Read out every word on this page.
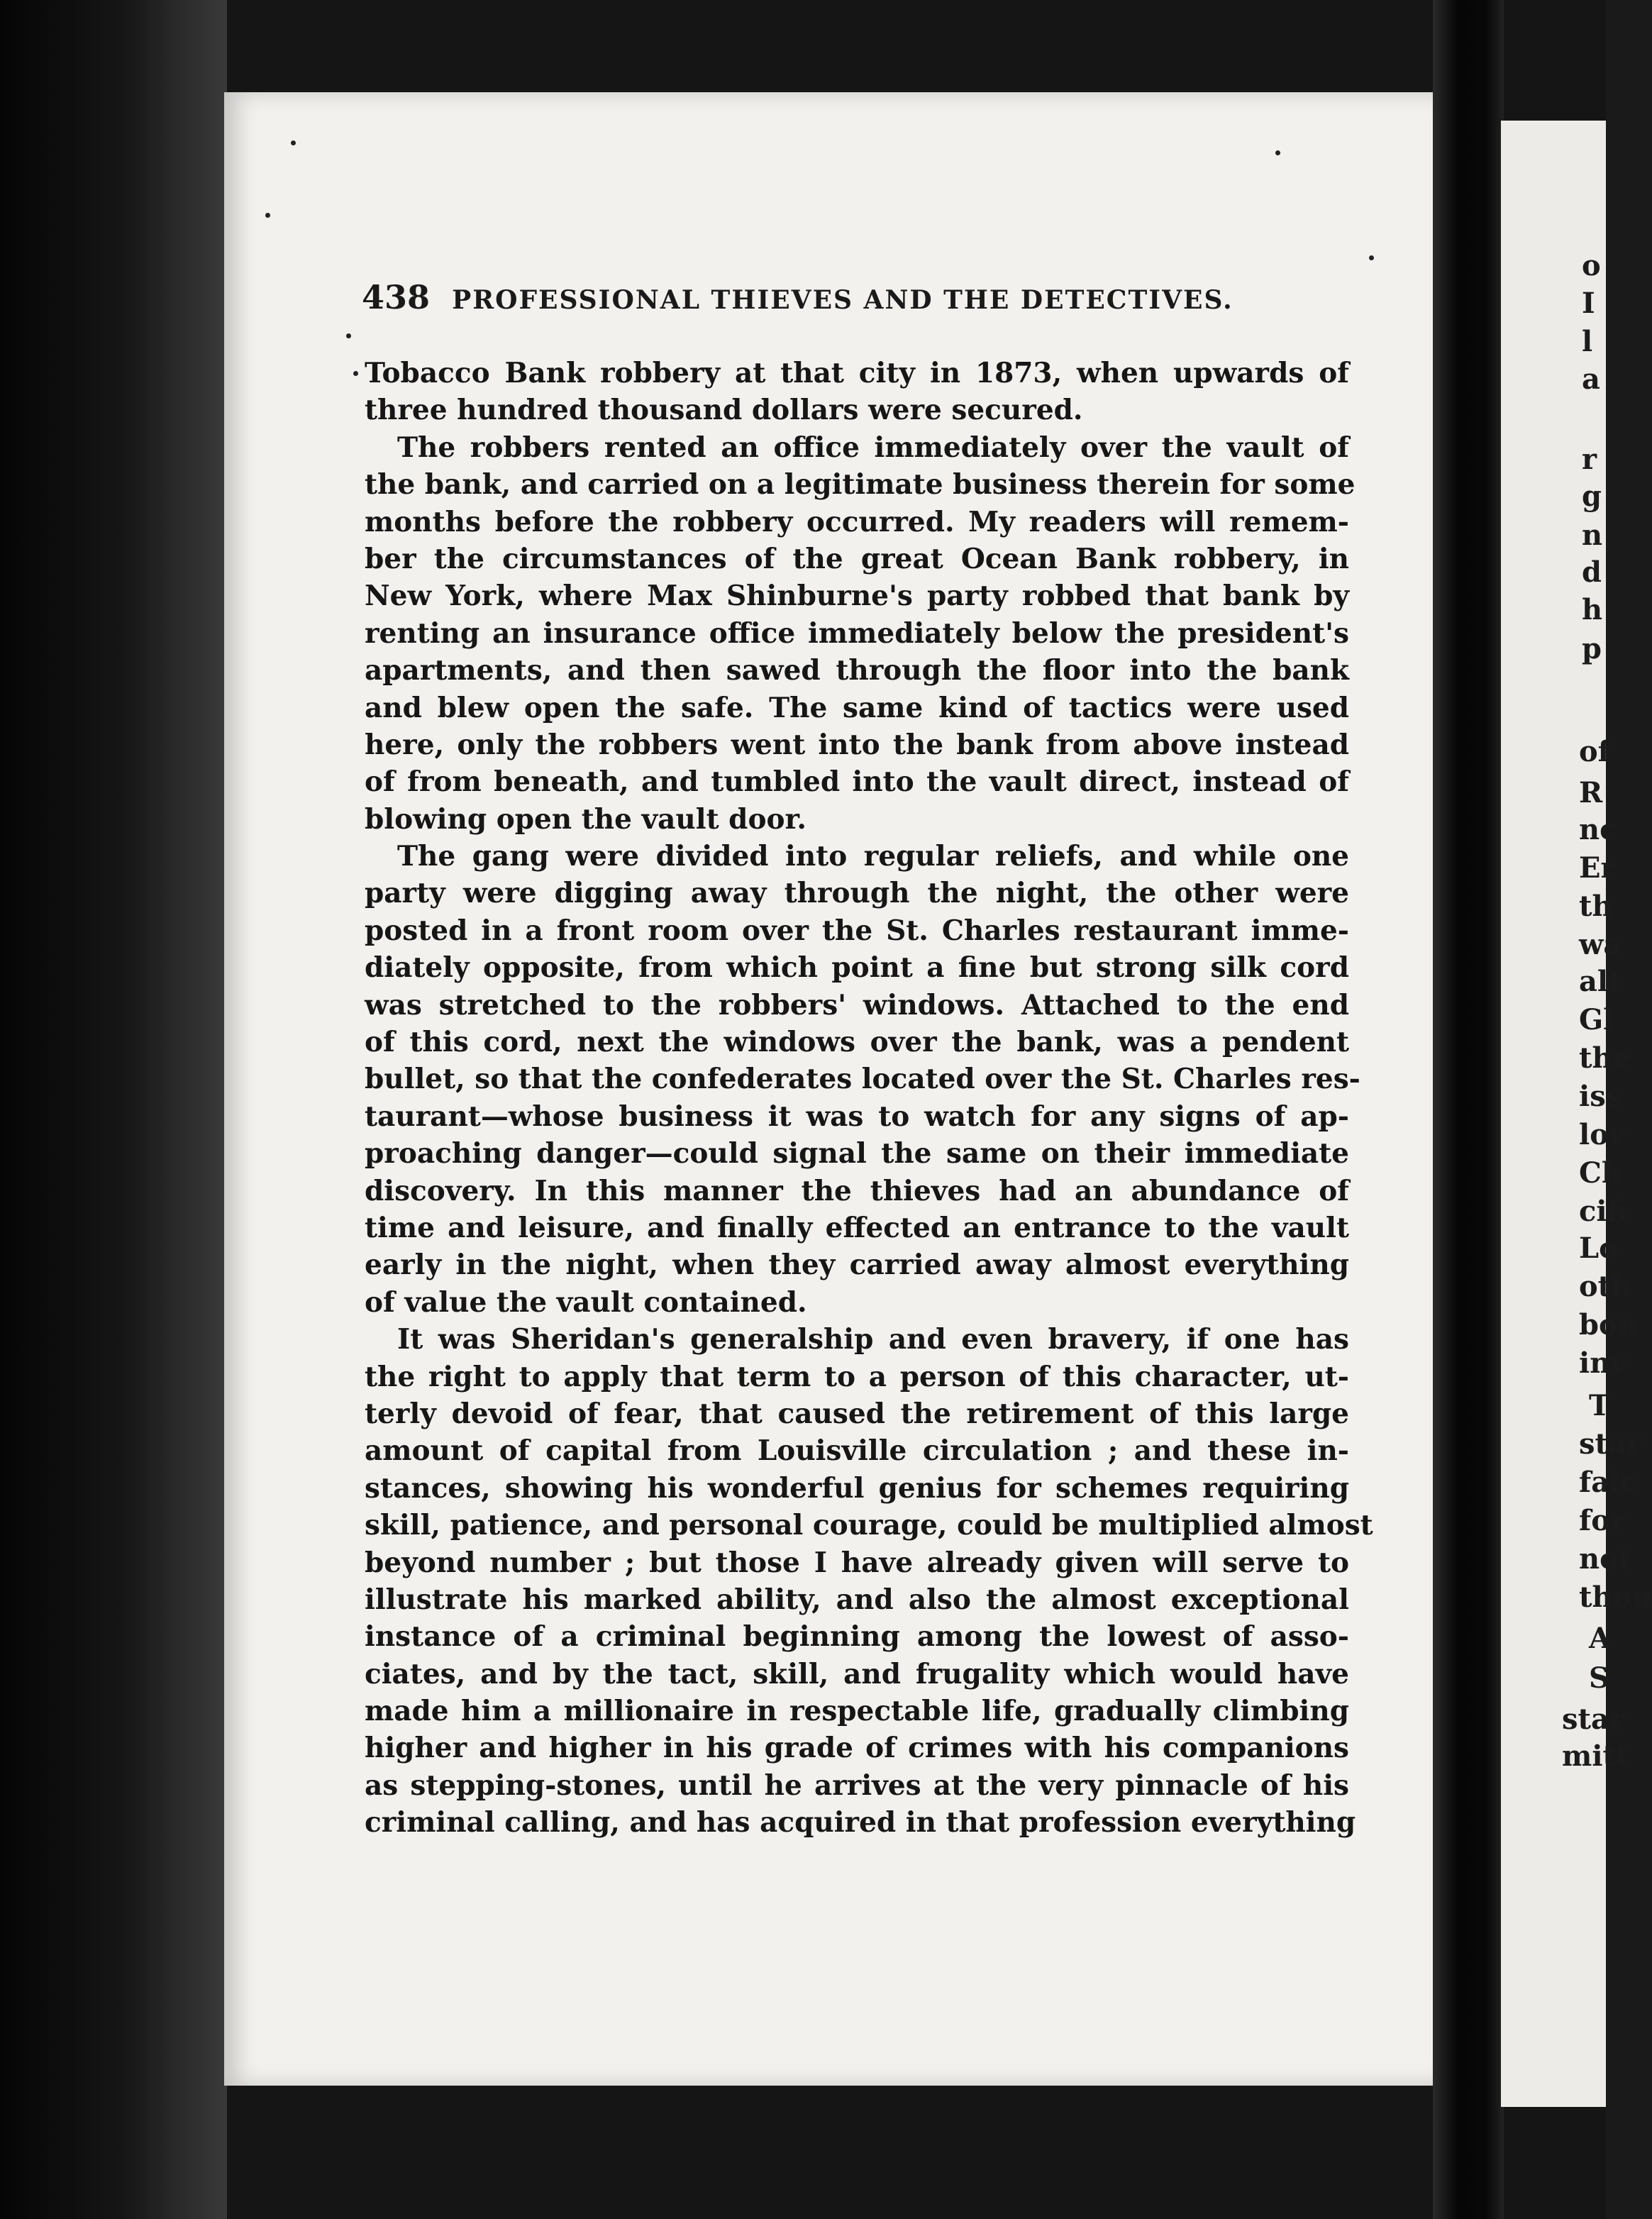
o
I
l
a
r
g
n
d
h
p
of
R
nc
Er
th
wa
alt
Gl
the
iss
lov
Ch
cifi
Lo
oth
bon
inv
T
star
falc
for
not
thou
A
S
star
mitt
438 PROFESSIONAL THIEVES AND THE DETECTIVES.
Tobacco Bank robbery at that city in 1873, when upwards of
three hundred thousand dollars were secured.
The robbers rented an office immediately over the vault of
the bank, and carried on a legitimate business therein for some
months before the robbery occurred. My readers will remem-
ber the circumstances of the great Ocean Bank robbery, in
New York, where Max Shinburne's party robbed that bank by
renting an insurance office immediately below the president's
apartments, and then sawed through the floor into the bank
and blew open the safe. The same kind of tactics were used
here, only the robbers went into the bank from above instead
of from beneath, and tumbled into the vault direct, instead of
blowing open the vault door.
The gang were divided into regular reliefs, and while one
party were digging away through the night, the other were
posted in a front room over the St. Charles restaurant imme-
diately opposite, from which point a fine but strong silk cord
was stretched to the robbers' windows. Attached to the end
of this cord, next the windows over the bank, was a pendent
bullet, so that the confederates located over the St. Charles res-
taurant—whose business it was to watch for any signs of ap-
proaching danger—could signal the same on their immediate
discovery. In this manner the thieves had an abundance of
time and leisure, and finally effected an entrance to the vault
early in the night, when they carried away almost everything
of value the vault contained.
It was Sheridan's generalship and even bravery, if one has
the right to apply that term to a person of this character, ut-
terly devoid of fear, that caused the retirement of this large
amount of capital from Louisville circulation ; and these in-
stances, showing his wonderful genius for schemes requiring
skill, patience, and personal courage, could be multiplied almost
beyond number ; but those I have already given will serve to
illustrate his marked ability, and also the almost exceptional
instance of a criminal beginning among the lowest of asso-
ciates, and by the tact, skill, and frugality which would have
made him a millionaire in respectable life, gradually climbing
higher and higher in his grade of crimes with his companions
as stepping-stones, until he arrives at the very pinnacle of his
criminal calling, and has acquired in that profession everything
